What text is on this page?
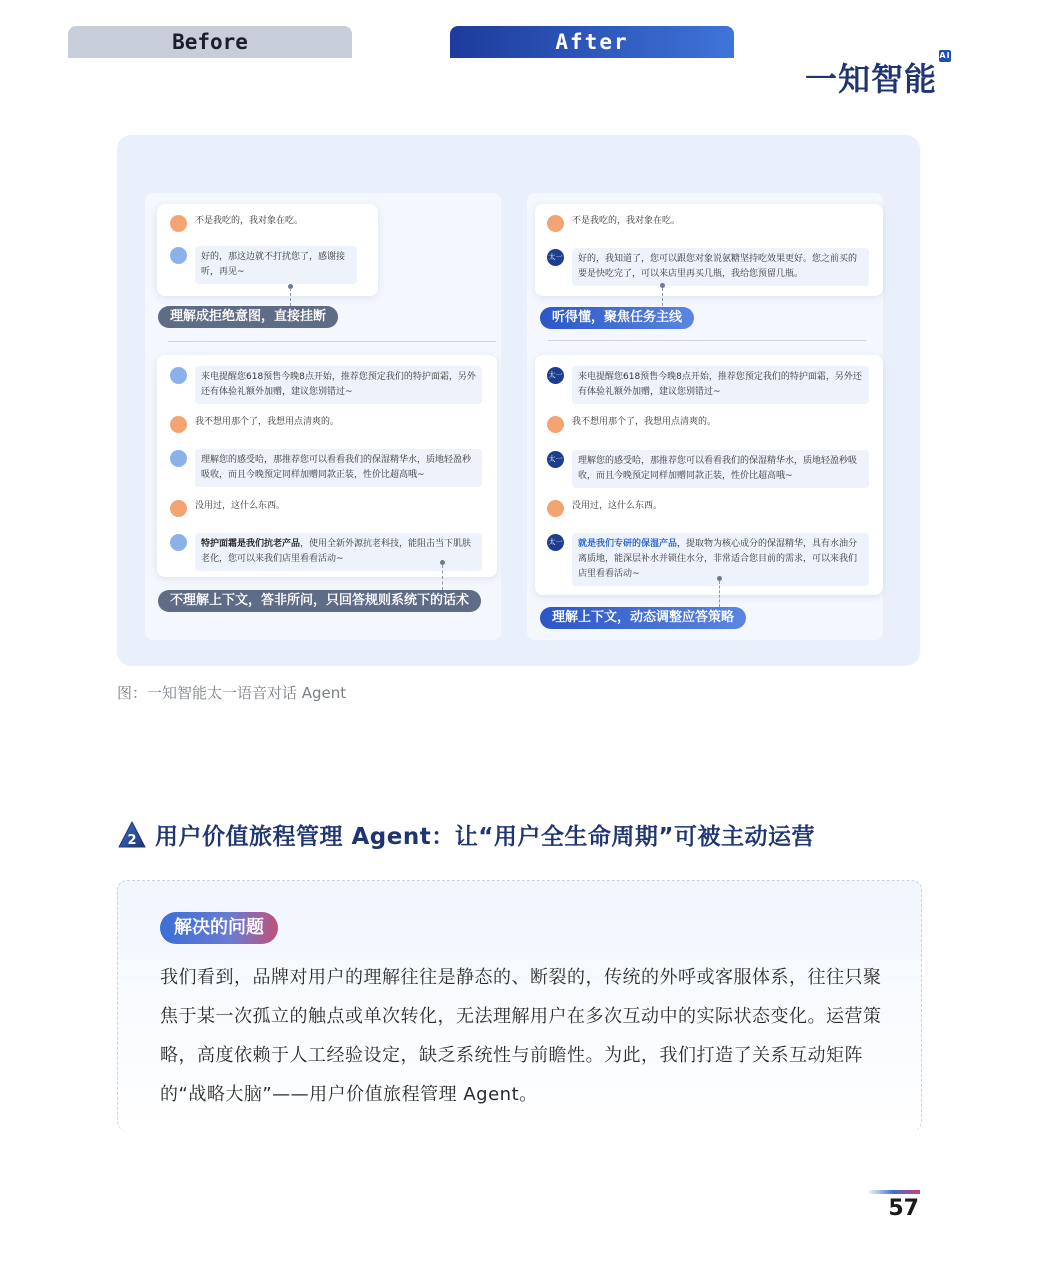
一知智能
AI
Before	After
不是我吃的，我对象在吃。
好的，那这边就不打扰您了，感谢接听，再见~
理解成拒绝意图，直接挂断
来电提醒您618预售今晚8点开始，推荐您预定我们的特护面霜，另外还有体验礼额外加赠，建议您别错过~
我不想用那个了，我想用点清爽的。
理解您的感受哈，那推荐您可以看看我们的保湿精华水，质地轻盈秒吸收，而且今晚预定同样加赠同款正装，性价比超高哦~
没用过，这什么东西。
特护面霜是我们抗老产品，使用全新外源抗老科技，能阻击当下肌肤老化，您可以来我们店里看看活动~
不理解上下文，答非所问，只回答规则系统下的话术
不是我吃的，我对象在吃。
太一	好的，我知道了，您可以跟您对象说氨糖坚持吃效果更好。您之前买的要是快吃完了，可以来店里再买几瓶，我给您预留几瓶。
听得懂，聚焦任务主线
太一	来电提醒您618预售今晚8点开始，推荐您预定我们的特护面霜，另外还有体验礼额外加赠，建议您别错过~
我不想用那个了，我想用点清爽的。
太一	理解您的感受哈，那推荐您可以看看我们的保湿精华水，质地轻盈秒吸收，而且今晚预定同样加赠同款正装，性价比超高哦~
没用过，这什么东西。
太一	就是我们专研的保湿产品，提取物为核心成分的保湿精华，具有水油分离质地，能深层补水并锁住水分，非常适合您目前的需求，可以来我们店里看看活动~
理解上下文，动态调整应答策略
图：一知智能太一语音对话 Agent
2 用户价值旅程管理 Agent：让“用户全生命周期”可被主动运营
解决的问题
我们看到，品牌对用户的理解往往是静态的、断裂的，传统的外呼或客服体系，往往只聚焦于某一次孤立的触点或单次转化，无法理解用户在多次互动中的实际状态变化。运营策略，高度依赖于人工经验设定，缺乏系统性与前瞻性。为此，我们打造了关系互动矩阵的“战略大脑”——用户价值旅程管理 Agent。
57
